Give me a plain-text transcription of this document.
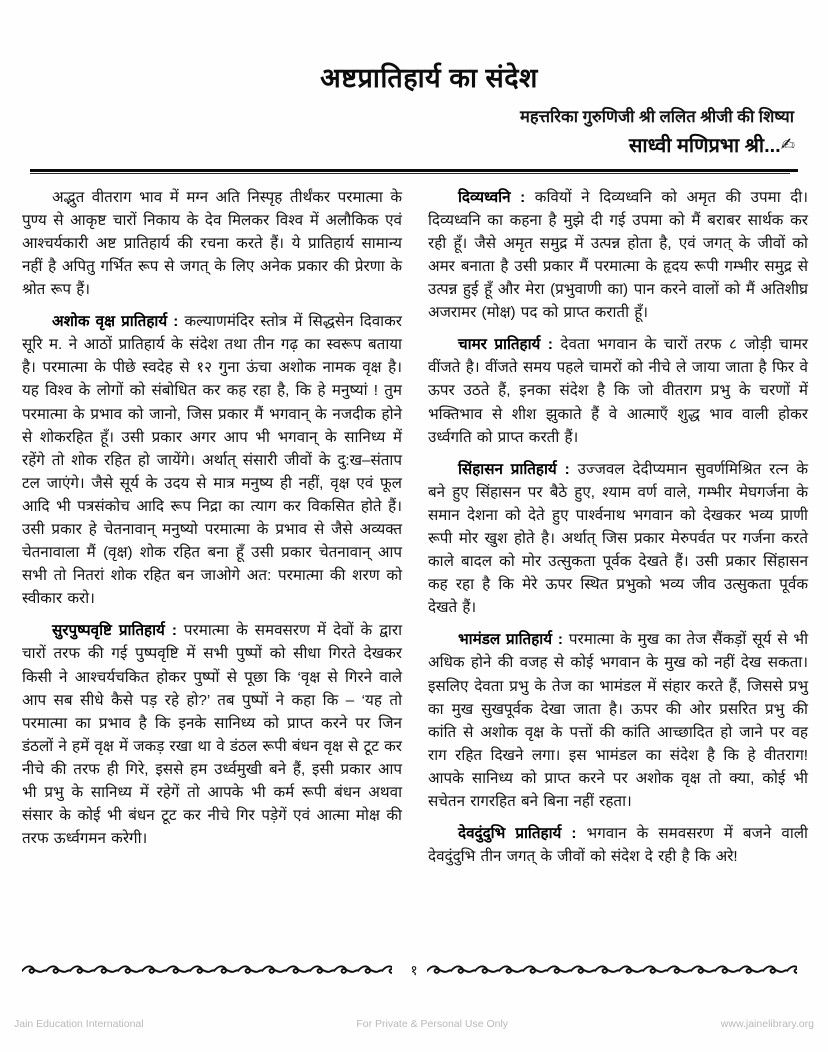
अष्टप्रातिहार्य का संदेश
महत्तरिका गुरुणिजी श्री ललित श्रीजी की शिष्या
साध्वी मणिप्रभा श्री...✍

अद्भुत वीतराग भाव में मग्न अति निस्पृह तीर्थंकर परमात्मा के पुण्य से आकृष्ट चारों निकाय के देव मिलकर विश्व में अलौकिक एवं आश्चर्यकारी अष्ट प्रातिहार्य की रचना करते हैं। ये प्रातिहार्य सामान्य नहीं है अपितु गर्भित रूप से जगत् के लिए अनेक प्रकार की प्रेरणा के श्रोत रूप हैं।

अशोक वृक्ष प्रातिहार्य : कल्याणमंदिर स्तोत्र में सिद्धसेन दिवाकर सूरि म. ने आठों प्रातिहार्य के संदेश तथा तीन गढ़ का स्वरूप बताया है। परमात्मा के पीछे स्वदेह से १२ गुना ऊंचा अशोक नामक वृक्ष है। यह विश्व के लोगों को संबोधित कर कह रहा है, कि हे मनुष्यां ! तुम परमात्मा के प्रभाव को जानो, जिस प्रकार मैं भगवान् के नजदीक होने से शोकरहित हूँ। उसी प्रकार अगर आप भी भगवान् के सानिध्य में रहेंगे तो शोक रहित हो जायेंगे। अर्थात् संसारी जीवों के दु:ख–संताप टल जाएंगे। जैसे सूर्य के उदय से मात्र मनुष्य ही नहीं, वृक्ष एवं फूल आदि भी पत्रसंकोच आदि रूप निद्रा का त्याग कर विकसित होते हैं। उसी प्रकार हे चेतनावान् मनुष्यो परमात्मा के प्रभाव से जैसे अव्यक्त चेतनावाला मैं (वृक्ष) शोक रहित बना हूँ उसी प्रकार चेतनावान् आप सभी तो नितरां शोक रहित बन जाओगे अत: परमात्मा की शरण को स्वीकार करो।

सुरपुष्पवृष्टि प्रातिहार्य : परमात्मा के समवसरण में देवों के द्वारा चारों तरफ की गई पुष्पवृष्टि में सभी पुष्पों को सीधा गिरते देखकर किसी ने आश्चर्यचकित होकर पुष्पों से पूछा कि ‘वृक्ष से गिरने वाले आप सब सीधे कैसे पड़ रहे हो?’ तब पुष्पों ने कहा कि – ‘यह तो परमात्मा का प्रभाव है कि इनके सानिध्य को प्राप्त करने पर जिन डंठलों ने हमें वृक्ष में जकड़ रखा था वे डंठल रूपी बंधन वृक्ष से टूट कर नीचे की तरफ ही गिरे, इससे हम उर्ध्वमुखी बने हैं, इसी प्रकार आप भी प्रभु के सानिध्य में रहेगें तो आपके भी कर्म रूपी बंधन अथवा संसार के कोई भी बंधन टूट कर नीचे गिर पड़ेगें एवं आत्मा मोक्ष की तरफ ऊर्ध्वगमन करेगी।

दिव्यध्वनि : कवियों ने दिव्यध्वनि को अमृत की उपमा दी। दिव्यध्वनि का कहना है मुझे दी गई उपमा को मैं बराबर सार्थक कर रही हूँ। जैसे अमृत समुद्र में उत्पन्न होता है, एवं जगत् के जीवों को अमर बनाता है उसी प्रकार मैं परमात्मा के हृदय रूपी गम्भीर समुद्र से उत्पन्न हुई हूँ और मेरा (प्रभुवाणी का) पान करने वालों को मैं अतिशीघ्र अजरामर (मोक्ष) पद को प्राप्त कराती हूँ।

चामर प्रातिहार्य : देवता भगवान के चारों तरफ ८ जोड़ी चामर वींजते है। वींजते समय पहले चामरों को नीचे ले जाया जाता है फिर वे ऊपर उठते हैं, इनका संदेश है कि जो वीतराग प्रभु के चरणों में भक्तिभाव से शीश झुकाते हैं वे आत्माएँ शुद्ध भाव वाली होकर उर्ध्वगति को प्राप्त करती हैं।

सिंहासन प्रातिहार्य : उज्जवल देदीप्यमान सुवर्णमिश्रित रत्न के बने हुए सिंहासन पर बैठे हुए, श्याम वर्ण वाले, गम्भीर मेघगर्जना के समान देशना को देते हुए पार्श्वनाथ भगवान को देखकर भव्य प्राणी रूपी मोर खुश होते है। अर्थात् जिस प्रकार मेरुपर्वत पर गर्जना करते काले बादल को मोर उत्सुकता पूर्वक देखते हैं। उसी प्रकार सिंहासन कह रहा है कि मेरे ऊपर स्थित प्रभुको भव्य जीव उत्सुकता पूर्वक देखते हैं।

भामंडल प्रातिहार्य : परमात्मा के मुख का तेज सैंकड़ों सूर्य से भी अधिक होने की वजह से कोई भगवान के मुख को नहीं देख सकता। इसलिए देवता प्रभु के तेज का भामंडल में संहार करते हैं, जिससे प्रभु का मुख सुखपूर्वक देखा जाता है। ऊपर की ओर प्रसरित प्रभु की कांति से अशोक वृक्ष के पत्तों की कांति आच्छादित हो जाने पर वह राग रहित दिखने लगा। इस भामंडल का संदेश है कि हे वीतराग! आपके सानिध्य को प्राप्त करने पर अशोक वृक्ष तो क्या, कोई भी सचेतन रागरहित बने बिना नहीं रहता।

देवदुंदुभि प्रातिहार्य : भगवान के समवसरण में बजने वाली देवदुंदुभि तीन जगत् के जीवों को संदेश दे रही है कि अरे!

१
Jain Education International	For Private & Personal Use Only	www.jainelibrary.org
